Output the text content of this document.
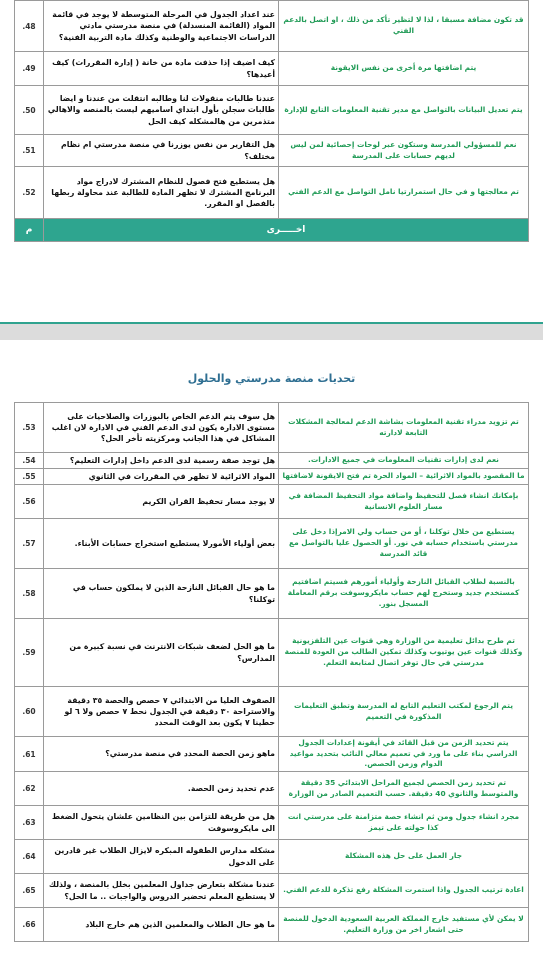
48.	عند اعداد الجدول في المرحلة المتوسطة لا يوجد في قائمة المواد (القائمة المنسدلة) في منصة مدرستي مادتي الدراسات الاجتماعية والوطنية وكذلك مادة التربية الفنية؟	قد تكون مضافة مسبقا ، لذا لا لتظير تأكد من ذلك ، او اتصل بالدعم الفني
49.	كيف اضيف إذا حذفت مادة من خانة ( إدارة المقررات) كيف أعيدها؟	يتم اضافتها مرة أخرى من نفس الايقونة
50.	عندنا طالبات منقولات لنا وطالبه انتقلت من عندنا و ايضا طالبات سجلن بأول ابتداي اساميهم ليست بالمنصه والاهالي متذمرين من هالمشكله كيف الحل	يتم تعديل البيانات بالتواصل مع مدير تقنية المعلومات التابع للإدارة
51.	هل التقارير من نفس يوزرنا في منصة مدرستي ام نظام مختلف؟	نعم للمسؤولي المدرسة وستكون عبر لوحات إحصائية لمن ليس لديهم حسابات على المدرسة
52.	هل يستطيع فتح فصول للنظام المشترك لادراج مواد البرنامج المشترك لا تظهر المادة للطالبة عند محاولة ربطها بالفصل او المقرر.	تم معالجتها و في حال استمرارتيا نامل التواصل مع الدعم الفني
م	اخـــــرى	
تحديات منصة مدرستي والحلول
53.	هل سوف يتم الدعم الخاص بالبوزرات والصلاحيات على مستوى الادارة يكون لدى الدعم الفني في الادارة لان اغلب المشاكل في هذا الجانب ومركزيته تأخر الحل؟	تم تزويد مدراء تقنية المعلومات بشاشة الدعم لمعالجة المشكلات التابعة لادارته
54.	هل توجد صفة رسمية لدى الدعم داخل إدارات التعليم؟	نعم لدى إدارات تقنيات المعلومات في جميع الادارات.
55.	المواد الاثرائية لا تظهر في المقررات في الثانوي	ما المقصود بالمواد الاثرائية – المواد الحرة تم فتح الايقونة لاضافتها
56.	لا يوجد مسار تحفيظ القران الكريم	بإمكانك انشاء فصل للتحفيظ واضافة مواد التحفيظ المضافة في مسار العلوم الانسانية
57.	بعض أولياء الأمورلا يستطيع استخراج حسابات الأبناء.	يستطيع من خلال توكلنا ، أو من حساب ولي الامرإذا دخل على مدرستي باستخدام حسابه في نور. أو الحصول عليا بالتواصل مع قائد المدرسة
58.	ما هو حال القبائل النازحة الذين لا يملكون حساب في توكلنا؟	بالنسبة لطلاب القبائل النازحة وأولياء أمورهم فسيتم اضافتيم كمستخدم جديد وستخرج لهم حساب مايكروسوفت برقم المعاملة المسجل بنور.
59.	ما هو الحل لضعف شبكات الانترنت في نسبة كبيرة من المدارس؟	تم طرح بدائل تعليمية من الوزارة وهي قنوات عين التلفزيونية وكذلك قنوات عين يوتيوب وكذلك تمكين الطالب من العودة للمنصة مدرستي في حال توفر اتصال لمتابعة التعلم.
60.	الصفوف العليا من الابتدائي ٧ حصص والحصة ٣٥ دقيقة والاستراحة ٣٠ دقيقة في الجدول نحط ٧ حصص ولا ٦ لو حطينا ٧ يكون بعد الوقت المحدد	يتم الرجوع لمكتب التعليم التابع له المدرسة وتطبق التعليمات المذكورة في التعميم
61.	ماهو زمن الحصة المحدد في منصة مدرستي؟	يتم تحديد الزمن من قبل القائد في أيقونة إعدادات الجدول الدراسي بناء على ما ورد في تعميم معالي النائب بتحديد مواعيد الدوام وزمن الحصص.
62.	عدم تحديد زمن الحصة.	تم تحديد زمن الحصص لجميع المراحل الابتدائي 35 دقيقة والمتوسط والثانوي 40 دقيقة. حسب التعميم الصادر من الوزارة
63.	هل من طريقة للتزامن بين النظامين علشان يتحول الضغط الى مايكروسوفت	مجرد انشاء جدول ومن ثم انشاء حصة متزامنة على مدرستي انت كذا حولته على تيمز
64.	مشكله مدارس الطفوله المبكره لايزال الطلاب غير قادرين على الدخول	جار العمل على حل هذه المشكلة
65.	عندنا مشكلة بتعارض جداول المعلمين بخلل بالمنصة ، ولذلك لا يستطيع المعلم تحضير الدروس والواجبات .. ما الحل؟	اعادة ترتيب الجدول واذا استمرت المشكلة رفع تذكرة للدعم الفني.
66.	ما هو حال الطلاب والمعلمين الذين هم خارج البلاد	لا يمكن لأي مستفيد خارج المملكة العربية السعودية الدخول للمنصة حتى اشعار اخر من وزارة التعليم.
